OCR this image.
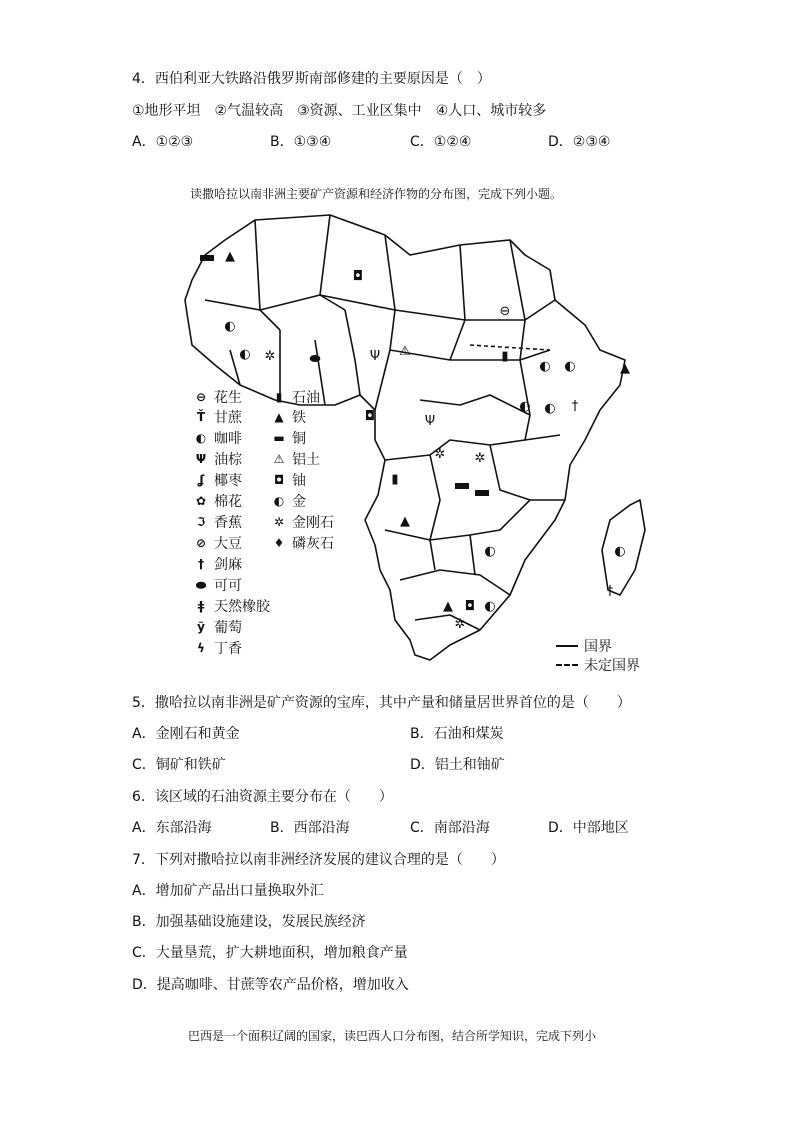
4．西伯利亚大铁路沿俄罗斯南部修建的主要原因是（　）
①地形平坦　②气温较高　③资源、工业区集中　④人口、城市较多
A．①②③	B．①③④	C．①②④	D．②③④
读撒哈拉以南非洲主要矿产资源和经济作物的分布图，完成下列小题。
▲
◘
⊖
◐
◐ ✲	⬬	Ψ ⚠	▮
◐ ◐	▲
†
◐ ◐
◘	Ψ
✲ ✲
▮
▲
◐
◘ ◐
▲
✲
◐
†
⊖ 花生
Ť 甘蔗
◐ 咖啡
Ψ 油棕
ʆ 椰枣
✿ 棉花
ℑ 香蕉
⊘ 大豆
† 剑麻
⬬ 可可
ǂ 天然橡胶
ỹ 葡萄
ϟ 丁香
▮ 石油
▲ 铁
▬ 铜
⚠ 铝土
◘ 铀
◐ 金
✲ 金刚石
♦ 磷灰石
国界
未定国界
5．撒哈拉以南非洲是矿产资源的宝库，其中产量和储量居世界首位的是（　　）
A．金刚石和黄金	B．石油和煤炭
C．铜矿和铁矿	D．铝土和铀矿
6．该区域的石油资源主要分布在（　　）
A．东部沿海	B．西部沿海	C．南部沿海	D．中部地区
7．下列对撒哈拉以南非洲经济发展的建议合理的是（　　）
A．增加矿产品出口量换取外汇
B．加强基础设施建设，发展民族经济
C．大量垦荒，扩大耕地面积，增加粮食产量
D．提高咖啡、甘蔗等农产品价格，增加收入
巴西是一个面积辽阔的国家，读巴西人口分布图，结合所学知识，完成下列小
